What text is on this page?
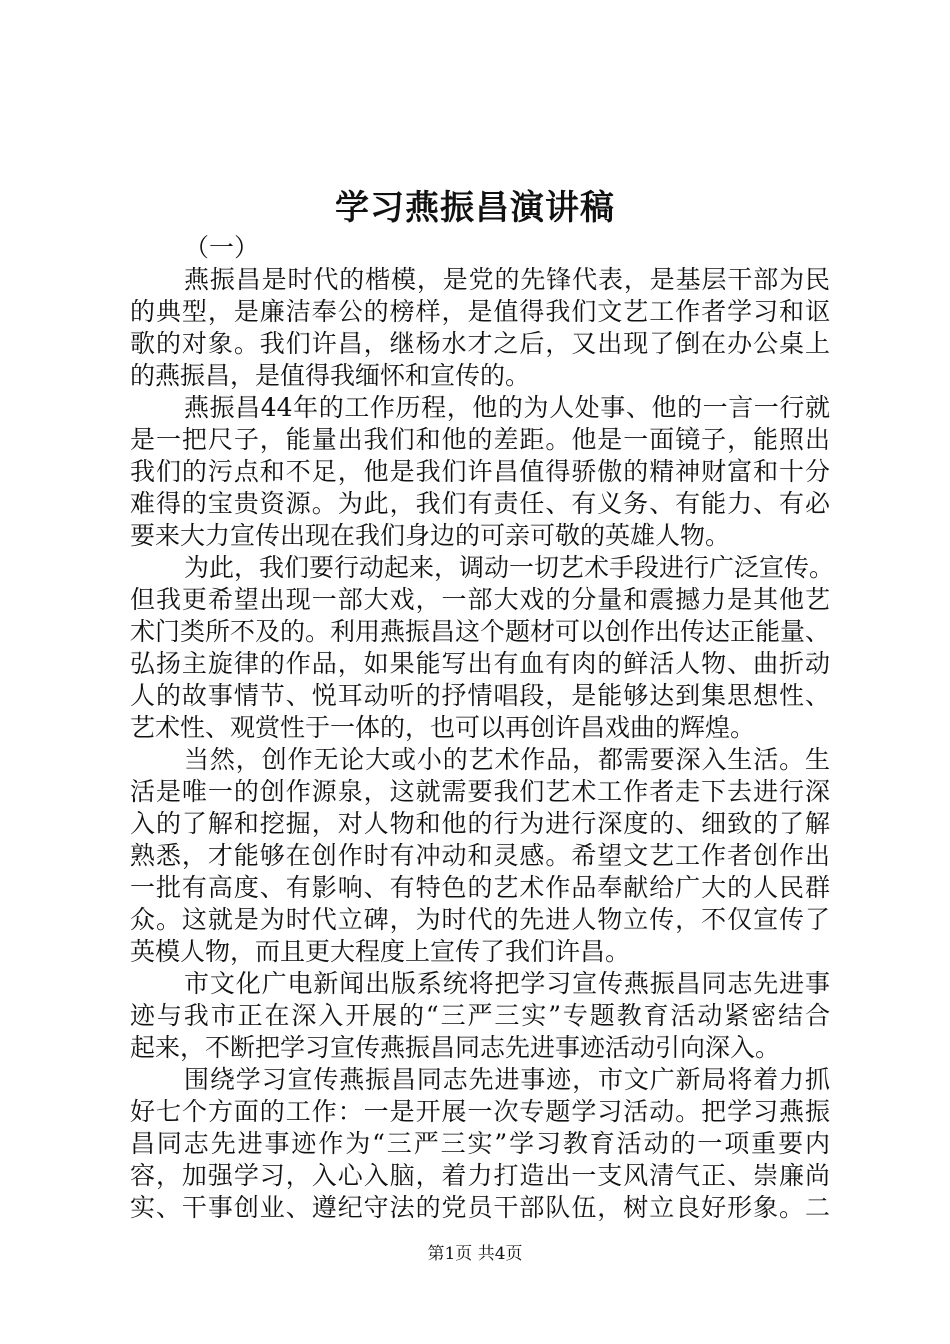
学习燕振昌演讲稿

（一）

燕振昌是时代的楷模，是党的先锋代表，是基层干部为民
的典型，是廉洁奉公的榜样，是值得我们文艺工作者学习和讴
歌的对象。我们许昌，继杨水才之后，又出现了倒在办公桌上
的燕振昌，是值得我缅怀和宣传的。

燕振昌44年的工作历程，他的为人处事、他的一言一行就
是一把尺子，能量出我们和他的差距。他是一面镜子，能照出
我们的污点和不足，他是我们许昌值得骄傲的精神财富和十分
难得的宝贵资源。为此，我们有责任、有义务、有能力、有必
要来大力宣传出现在我们身边的可亲可敬的英雄人物。

为此，我们要行动起来，调动一切艺术手段进行广泛宣传。
但我更希望出现一部大戏，一部大戏的分量和震撼力是其他艺
术门类所不及的。利用燕振昌这个题材可以创作出传达正能量、
弘扬主旋律的作品，如果能写出有血有肉的鲜活人物、曲折动
人的故事情节、悦耳动听的抒情唱段，是能够达到集思想性、
艺术性、观赏性于一体的，也可以再创许昌戏曲的辉煌。

当然，创作无论大或小的艺术作品，都需要深入生活。生
活是唯一的创作源泉，这就需要我们艺术工作者走下去进行深
入的了解和挖掘，对人物和他的行为进行深度的、细致的了解
熟悉，才能够在创作时有冲动和灵感。希望文艺工作者创作出
一批有高度、有影响、有特色的艺术作品奉献给广大的人民群
众。这就是为时代立碑，为时代的先进人物立传，不仅宣传了
英模人物，而且更大程度上宣传了我们许昌。

市文化广电新闻出版系统将把学习宣传燕振昌同志先进事
迹与我市正在深入开展的“三严三实”专题教育活动紧密结合
起来，不断把学习宣传燕振昌同志先进事迹活动引向深入。

围绕学习宣传燕振昌同志先进事迹，市文广新局将着力抓
好七个方面的工作：一是开展一次专题学习活动。把学习燕振
昌同志先进事迹作为“三严三实”学习教育活动的一项重要内
容，加强学习，入心入脑，着力打造出一支风清气正、崇廉尚
实、干事创业、遵纪守法的党员干部队伍，树立良好形象。二

第1页 共4页
